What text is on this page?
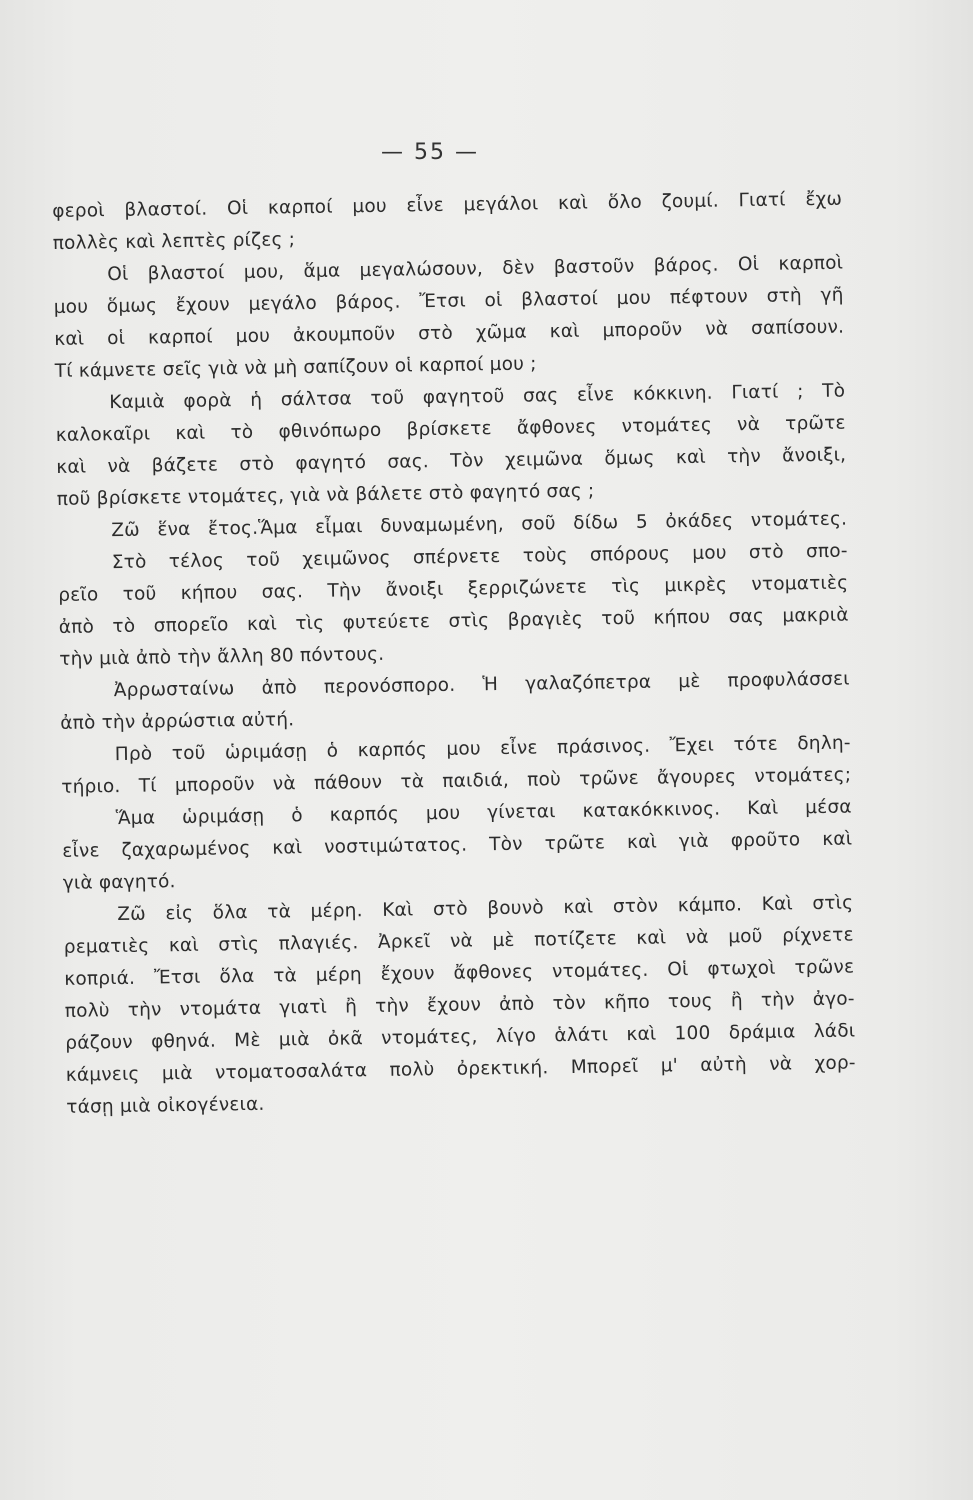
— 55 —
φεροὶ βλαστοί. Οἱ καρποί μου εἶνε μεγάλοι καὶ ὅλο ζουμί. Γιατί ἔχω
πολλὲς καὶ λεπτὲς ρίζες ;
Οἱ βλαστοί μου, ἅμα μεγαλώσουν, δὲν βαστοῦν βάρος. Οἱ καρποὶ
μου ὅμως ἔχουν μεγάλο βάρος. Ἔτσι οἱ βλαστοί μου πέφτουν στὴ γῆ
καὶ οἱ καρποί μου ἀκουμποῦν στὸ χῶμα καὶ μποροῦν νὰ σαπίσουν.
Τί κάμνετε σεῖς γιὰ νὰ μὴ σαπίζουν οἱ καρποί μου ;
Καμιὰ φορὰ ἡ σάλτσα τοῦ φαγητοῦ σας εἶνε κόκκινη. Γιατί ; Τὸ
καλοκαῖρι καὶ τὸ φθινόπωρο βρίσκετε ἄφθονες ντομάτες νὰ τρῶτε
καὶ νὰ βάζετε στὸ φαγητό σας. Τὸν χειμῶνα ὅμως καὶ τὴν ἄνοιξι,
ποῦ βρίσκετε ντομάτες, γιὰ νὰ βάλετε στὸ φαγητό σας ;
Ζῶ ἕνα ἔτος.Ἅμα εἶμαι δυναμωμένη, σοῦ δίδω 5 ὀκάδες ντομάτες.
Στὸ τέλος τοῦ χειμῶνος σπέρνετε τοὺς σπόρους μου στὸ σπο-
ρεῖο τοῦ κήπου σας. Τὴν ἄνοιξι ξερριζώνετε τὶς μικρὲς ντοματιὲς
ἀπὸ τὸ σπορεῖο καὶ τὶς φυτεύετε στὶς βραγιὲς τοῦ κήπου σας μακριὰ
τὴν μιὰ ἀπὸ τὴν ἄλλη 80 πόντους.
Ἀρρωσταίνω ἀπὸ περονόσπορο. Ἡ γαλαζόπετρα μὲ προφυλάσσει
ἀπὸ τὴν ἀρρώστια αὐτή.
Πρὸ τοῦ ὡριμάσῃ ὁ καρπός μου εἶνε πράσινος. Ἔχει τότε δηλη-
τήριο. Τί μποροῦν νὰ πάθουν τὰ παιδιά, ποὺ τρῶνε ἄγουρες ντομάτες;
Ἅμα ὡριμάσῃ ὁ καρπός μου γίνεται κατακόκκινος. Καὶ μέσα
εἶνε ζαχαρωμένος καὶ νοστιμώτατος. Τὸν τρῶτε καὶ γιὰ φροῦτο καὶ
γιὰ φαγητό.
Ζῶ εἰς ὅλα τὰ μέρη. Καὶ στὸ βουνὸ καὶ στὸν κάμπο. Καὶ στὶς
ρεματιὲς καὶ στὶς πλαγιές. Ἀρκεῖ νὰ μὲ ποτίζετε καὶ νὰ μοῦ ρίχνετε
κοπριά. Ἔτσι ὅλα τὰ μέρη ἔχουν ἄφθονες ντομάτες. Οἱ φτωχοὶ τρῶνε
πολὺ τὴν ντομάτα γιατὶ ἢ τὴν ἔχουν ἀπὸ τὸν κῆπο τους ἢ τὴν ἀγο-
ράζουν φθηνά. Μὲ μιὰ ὀκᾶ ντομάτες, λίγο ἁλάτι καὶ 100 δράμια λάδι
κάμνεις μιὰ ντοματοσαλάτα πολὺ ὀρεκτική. Μπορεῖ μ' αὐτὴ νὰ χορ-
τάσῃ μιὰ οἰκογένεια.
